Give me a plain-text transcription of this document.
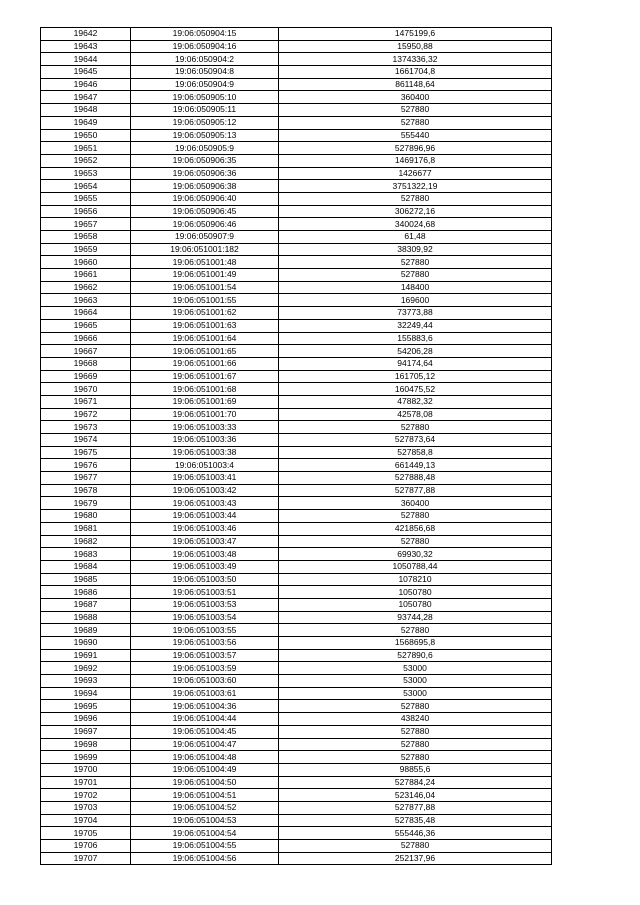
19642	19:06:050904:15	1475199,6
19643	19:06:050904:16	15950,88
19644	19:06:050904:2	1374336,32
19645	19:06:050904:8	1661704,8
19646	19:06:050904:9	861148,64
19647	19:06:050905:10	360400
19648	19:06:050905:11	527880
19649	19:06:050905:12	527880
19650	19:06:050905:13	555440
19651	19:06:050905:9	527896,96
19652	19:06:050906:35	1469176,8
19653	19:06:050906:36	1426677
19654	19:06:050906:38	3751322,19
19655	19:06:050906:40	527880
19656	19:06:050906:45	306272,16
19657	19:06:050906:46	340024,68
19658	19:06:050907:9	61,48
19659	19:06:051001:182	38309,92
19660	19:06:051001:48	527880
19661	19:06:051001:49	527880
19662	19:06:051001:54	148400
19663	19:06:051001:55	169600
19664	19:06:051001:62	73773,88
19665	19:06:051001:63	32249,44
19666	19:06:051001:64	155883,6
19667	19:06:051001:65	54206,28
19668	19:06:051001:66	94174,64
19669	19:06:051001:67	161705,12
19670	19:06:051001:68	160475,52
19671	19:06:051001:69	47882,32
19672	19:06:051001:70	42578,08
19673	19:06:051003:33	527880
19674	19:06:051003:36	527873,64
19675	19:06:051003:38	527858,8
19676	19:06:051003:4	661449,13
19677	19:06:051003:41	527888,48
19678	19:06:051003:42	527877,88
19679	19:06:051003:43	360400
19680	19:06:051003:44	527880
19681	19:06:051003:46	421856,68
19682	19:06:051003:47	527880
19683	19:06:051003:48	69930,32
19684	19:06:051003:49	1050788,44
19685	19:06:051003:50	1078210
19686	19:06:051003:51	1050780
19687	19:06:051003:53	1050780
19688	19:06:051003:54	93744,28
19689	19:06:051003:55	527880
19690	19:06:051003:56	1568695,8
19691	19:06:051003:57	527890,6
19692	19:06:051003:59	53000
19693	19:06:051003:60	53000
19694	19:06:051003:61	53000
19695	19:06:051004:36	527880
19696	19:06:051004:44	438240
19697	19:06:051004:45	527880
19698	19:06:051004:47	527880
19699	19:06:051004:48	527880
19700	19:06:051004:49	98855,6
19701	19:06:051004:50	527884,24
19702	19:06:051004:51	523146,04
19703	19:06:051004:52	527877,88
19704	19:06:051004:53	527835,48
19705	19:06:051004:54	555446,36
19706	19:06:051004:55	527880
19707	19:06:051004:56	252137,96
